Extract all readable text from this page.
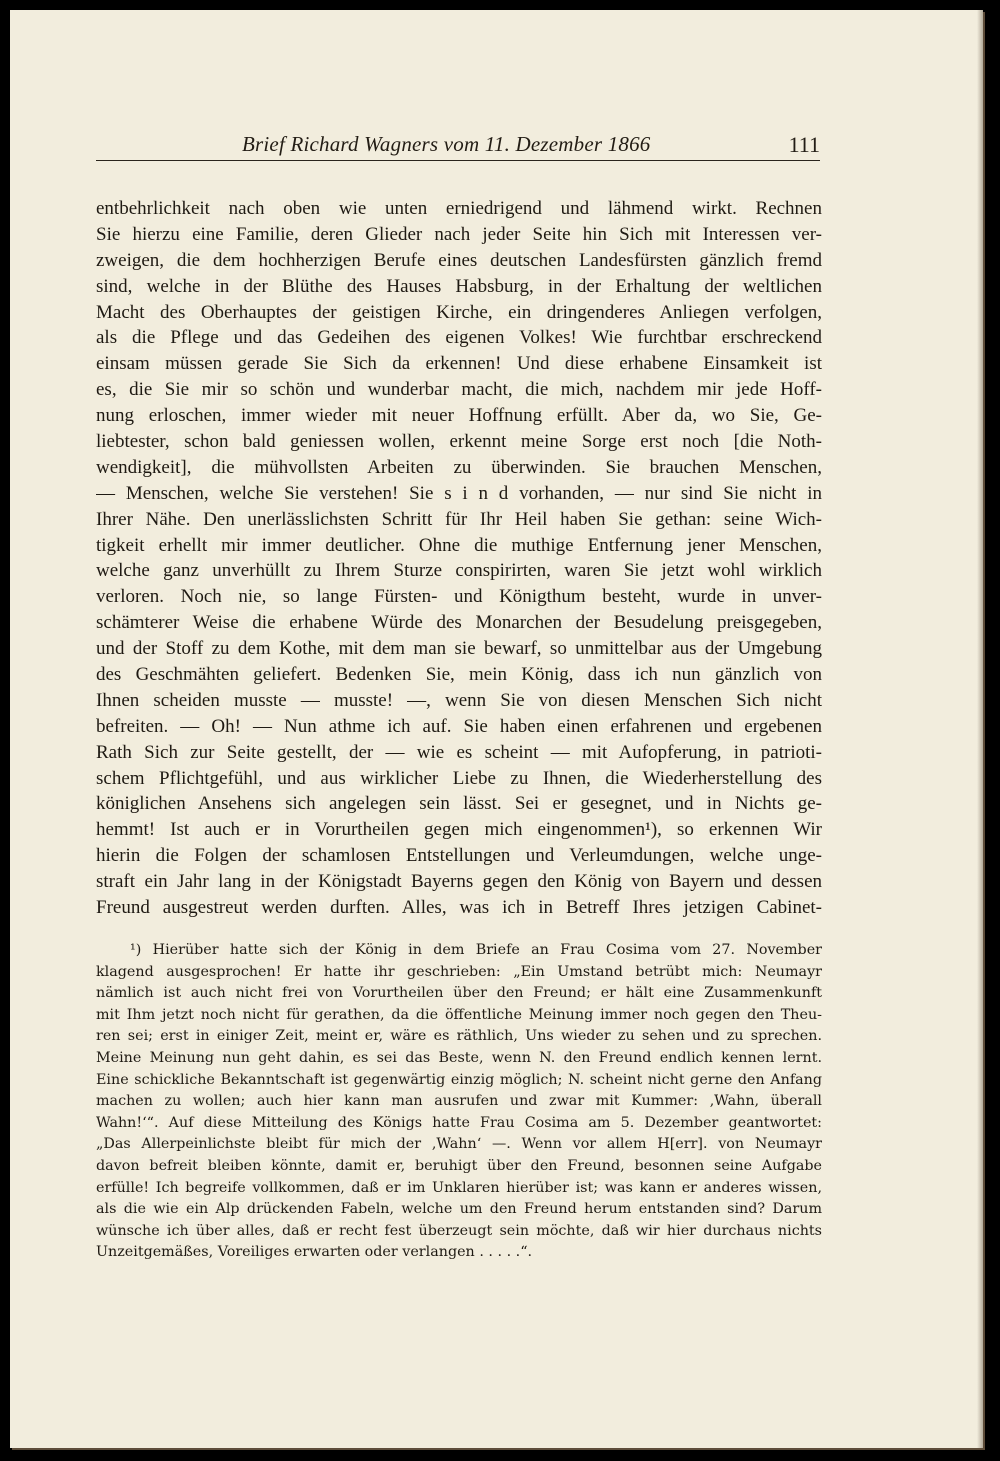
Brief Richard Wagners vom 11. Dezember 1866	111
entbehrlichkeit nach oben wie unten erniedrigend und lähmend wirkt. Rechnen
Sie hierzu eine Familie, deren Glieder nach jeder Seite hin Sich mit Interessen ver-
zweigen, die dem hochherzigen Berufe eines deutschen Landesfürsten gänzlich fremd
sind, welche in der Blüthe des Hauses Habsburg, in der Erhaltung der weltlichen
Macht des Oberhauptes der geistigen Kirche, ein dringenderes Anliegen verfolgen,
als die Pflege und das Gedeihen des eigenen Volkes! Wie furchtbar erschreckend
einsam müssen gerade Sie Sich da erkennen! Und diese erhabene Einsamkeit ist
es, die Sie mir so schön und wunderbar macht, die mich, nachdem mir jede Hoff-
nung erloschen, immer wieder mit neuer Hoffnung erfüllt. Aber da, wo Sie, Ge-
liebtester, schon bald geniessen wollen, erkennt meine Sorge erst noch [die Noth-
wendigkeit], die mühvollsten Arbeiten zu überwinden. Sie brauchen Menschen,
— Menschen, welche Sie verstehen! Sie s i n d vorhanden, — nur sind Sie nicht in
Ihrer Nähe. Den unerlässlichsten Schritt für Ihr Heil haben Sie gethan: seine Wich-
tigkeit erhellt mir immer deutlicher. Ohne die muthige Entfernung jener Menschen,
welche ganz unverhüllt zu Ihrem Sturze conspirirten, waren Sie jetzt wohl wirklich
verloren. Noch nie, so lange Fürsten- und Königthum besteht, wurde in unver-
schämterer Weise die erhabene Würde des Monarchen der Besudelung preisgegeben,
und der Stoff zu dem Kothe, mit dem man sie bewarf, so unmittelbar aus der Umgebung
des Geschmähten geliefert. Bedenken Sie, mein König, dass ich nun gänzlich von
Ihnen scheiden musste — musste! —, wenn Sie von diesen Menschen Sich nicht
befreiten. — Oh! — Nun athme ich auf. Sie haben einen erfahrenen und ergebenen
Rath Sich zur Seite gestellt, der — wie es scheint — mit Aufopferung, in patrioti-
schem Pflichtgefühl, und aus wirklicher Liebe zu Ihnen, die Wiederherstellung des
königlichen Ansehens sich angelegen sein lässt. Sei er gesegnet, und in Nichts ge-
hemmt! Ist auch er in Vorurtheilen gegen mich eingenommen¹), so erkennen Wir
hierin die Folgen der schamlosen Entstellungen und Verleumdungen, welche unge-
straft ein Jahr lang in der Königstadt Bayerns gegen den König von Bayern und dessen
Freund ausgestreut werden durften. Alles, was ich in Betreff Ihres jetzigen Cabinet-
¹) Hierüber hatte sich der König in dem Briefe an Frau Cosima vom 27. November
klagend ausgesprochen! Er hatte ihr geschrieben: „Ein Umstand betrübt mich: Neumayr
nämlich ist auch nicht frei von Vorurtheilen über den Freund; er hält eine Zusammenkunft
mit Ihm jetzt noch nicht für gerathen, da die öffentliche Meinung immer noch gegen den Theu-
ren sei; erst in einiger Zeit, meint er, wäre es räthlich, Uns wieder zu sehen und zu sprechen.
Meine Meinung nun geht dahin, es sei das Beste, wenn N. den Freund endlich kennen lernt.
Eine schickliche Bekanntschaft ist gegenwärtig einzig möglich; N. scheint nicht gerne den Anfang
machen zu wollen; auch hier kann man ausrufen und zwar mit Kummer: ‚Wahn, überall
Wahn!‘“. Auf diese Mitteilung des Königs hatte Frau Cosima am 5. Dezember geantwortet:
„Das Allerpeinlichste bleibt für mich der ‚Wahn‘ —. Wenn vor allem H[err]. von Neumayr
davon befreit bleiben könnte, damit er, beruhigt über den Freund, besonnen seine Aufgabe
erfülle! Ich begreife vollkommen, daß er im Unklaren hierüber ist; was kann er anderes wissen,
als die wie ein Alp drückenden Fabeln, welche um den Freund herum entstanden sind? Darum
wünsche ich über alles, daß er recht fest überzeugt sein möchte, daß wir hier durchaus nichts
Unzeitgemäßes, Voreiliges erwarten oder verlangen . . . . .“.
